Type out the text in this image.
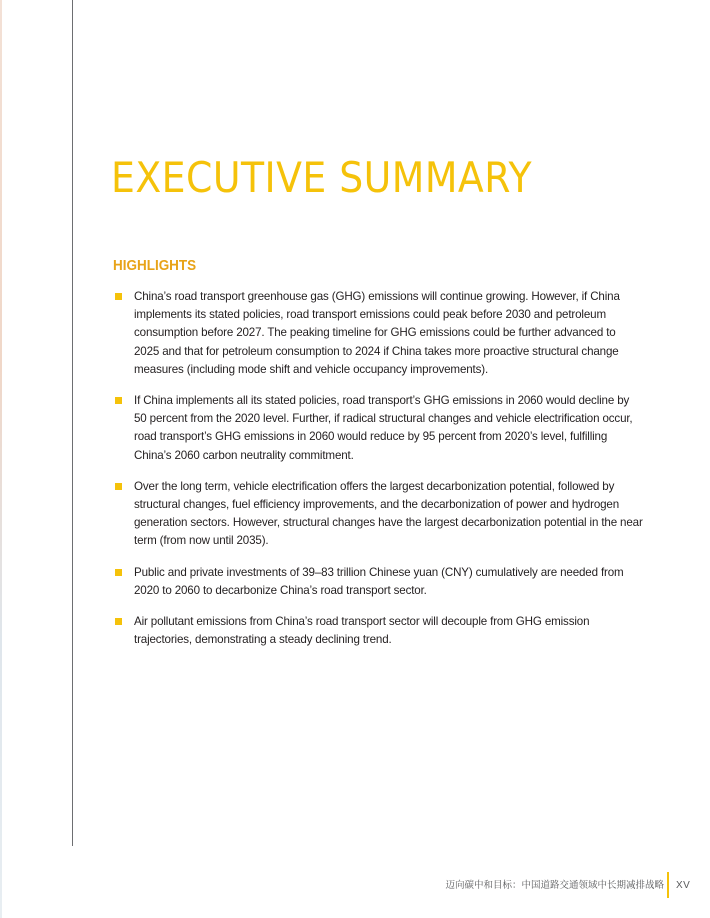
EXECUTIVE SUMMARY
HIGHLIGHTS
China’s road transport greenhouse gas (GHG) emissions will continue growing. However, if China implements its stated policies, road transport emissions could peak before 2030 and petroleum consumption before 2027. The peaking timeline for GHG emissions could be further advanced to 2025 and that for petroleum consumption to 2024 if China takes more proactive structural change measures (including mode shift and vehicle occupancy improvements).
If China implements all its stated policies, road transport’s GHG emissions in 2060 would decline by 50 percent from the 2020 level. Further, if radical structural changes and vehicle electrification occur, road transport’s GHG emissions in 2060 would reduce by 95 percent from 2020’s level, fulfilling China’s 2060 carbon neutrality commitment.
Over the long term, vehicle electrification offers the largest decarbonization potential, followed by structural changes, fuel efficiency improvements, and the decarbonization of power and hydrogen generation sectors. However, structural changes have the largest decarbonization potential in the near term (from now until 2035).
Public and private investments of 39–83 trillion Chinese yuan (CNY) cumulatively are needed from 2020 to 2060 to decarbonize China’s road transport sector.
Air pollutant emissions from China’s road transport sector will decouple from GHG emission trajectories, demonstrating a steady declining trend.
迈向碳中和目标：中国道路交通领域中长期减排战略 XV
